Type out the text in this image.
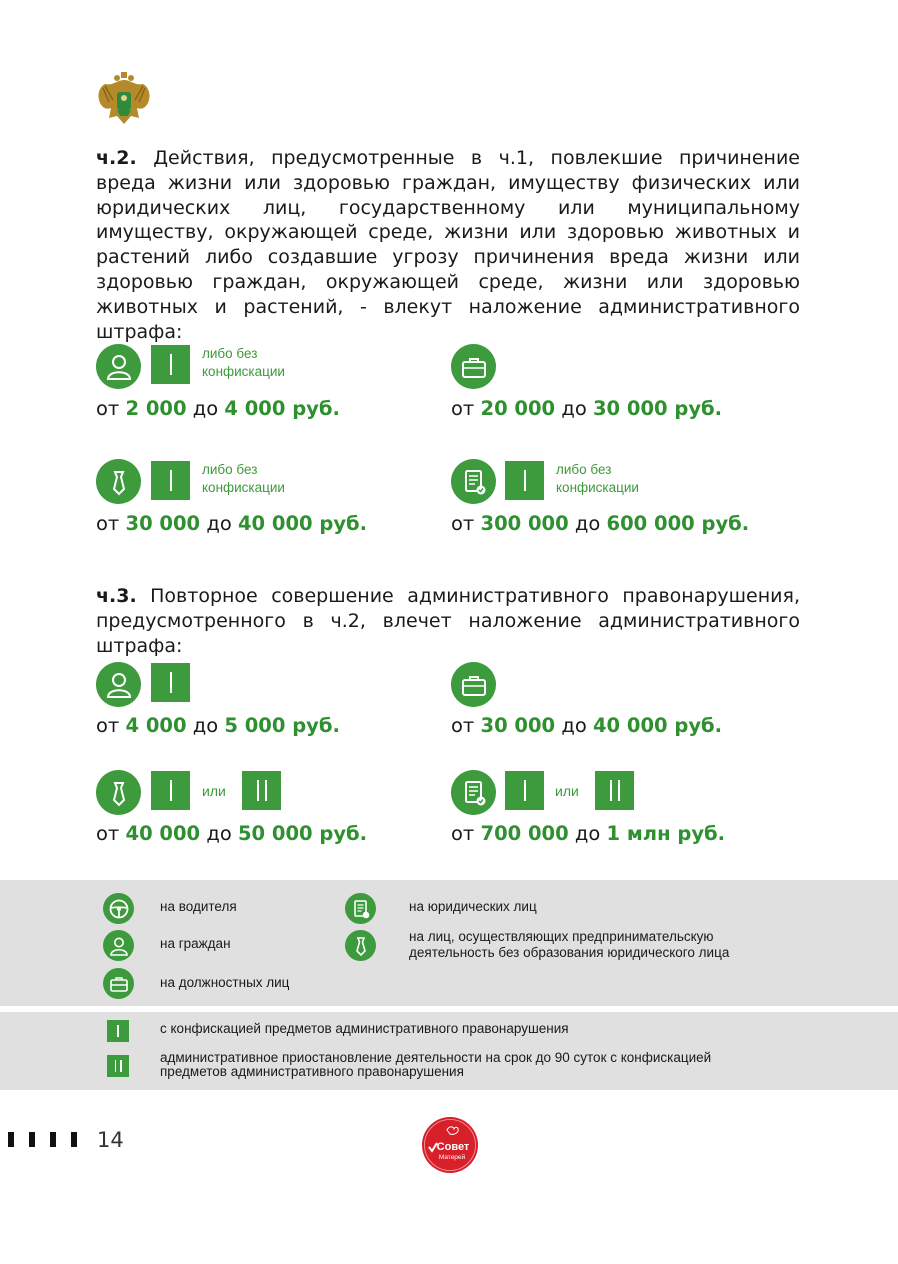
ч.2. Действия, предусмотренные в ч.1, повлекшие причинение вреда жизни или здоровью граждан, имуществу физических или юридических лиц, государственному или муниципальному имуществу, окружающей среде, жизни или здоровью животных и растений либо создавшие угрозу причинения вреда жизни или здоровью граждан, окружающей среде, жизни или здоровью животных и растений, - влекут наложение административного штрафа:

либо без
конфискации
от 2 000 до 4 000 руб.	от 20 000 до 30 000 руб.
либо без
конфискации
от 30 000 до 40 000 руб.
либо без
конфискации
от 300 000 до 600 000 руб.

ч.3. Повторное совершение административного правонарушения, предусмотренного в ч.2, влечет наложение административного штрафа:

от 4 000 до 5 000 руб.	от 30 000 до 40 000 руб.
или
от 40 000 до 50 000 руб.
или
от 700 000 до 1 млн руб.
на водителя
на граждан
на должностных лиц
на юридических лиц
на лиц, осуществляющих предпринимательскую
деятельность без образования юридического лица
с конфискацией предметов административного правонарушения
административное приостановление деятельности на срок до 90 суток с конфискацией
предметов административного правонарушения
14	Совет
Матерей
